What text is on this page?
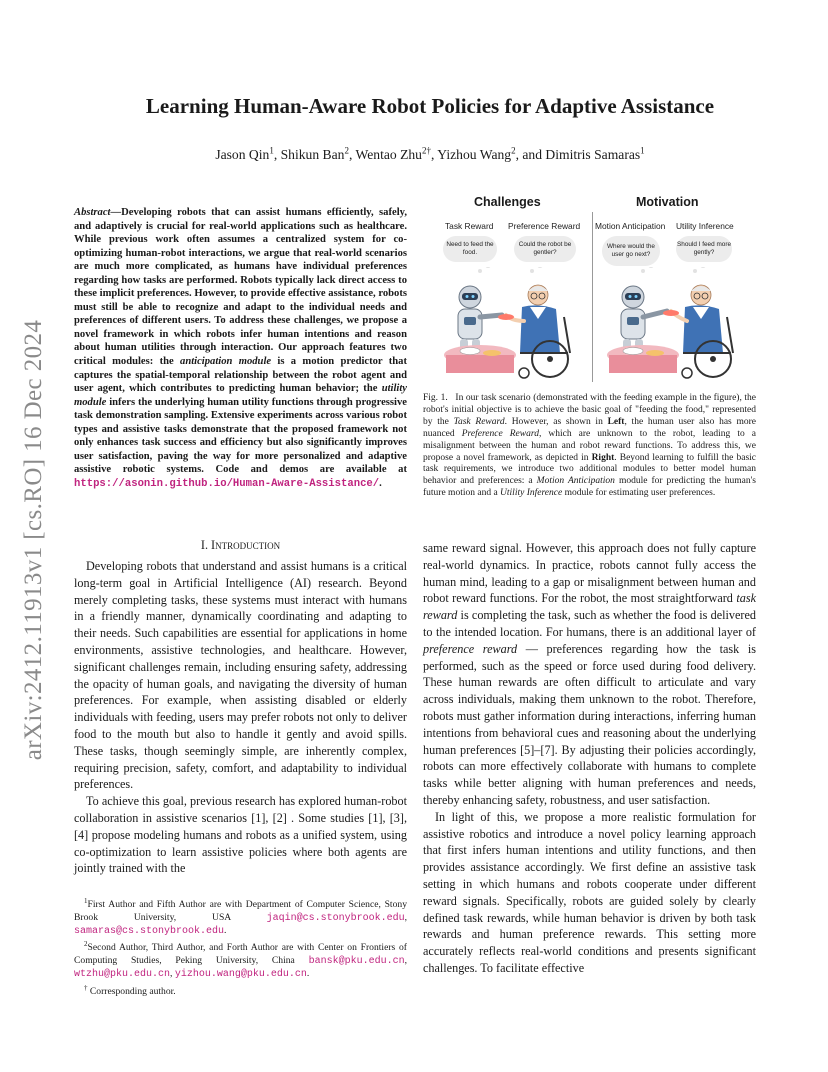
arXiv:2412.11913v1 [cs.RO] 16 Dec 2024
Learning Human-Aware Robot Policies for Adaptive Assistance
Jason Qin$^1$, Shikun Ban$^2$, Wentao Zhu$^{2\dagger}$, Yizhou Wang$^2$, and Dimitris Samaras$^1$
Abstract—Developing robots that can assist humans efficiently, safely, and adaptively is crucial for real-world applications such as healthcare. While previous work often assumes a centralized system for co-optimizing human-robot interactions, we argue that real-world scenarios are much more complicated, as humans have individual preferences regarding how tasks are performed. Robots typically lack direct access to these implicit preferences. However, to provide effective assistance, robots must still be able to recognize and adapt to the individual needs and preferences of different users. To address these challenges, we propose a novel framework in which robots infer human intentions and reason about human utilities through interaction. Our approach features two critical modules: the anticipation module is a motion predictor that captures the spatial-temporal relationship between the robot agent and user agent, which contributes to predicting human behavior; the utility module infers the underlying human utility functions through progressive task demonstration sampling. Extensive experiments across various robot types and assistive tasks demonstrate that the proposed framework not only enhances task success and efficiency but also significantly improves user satisfaction, paving the way for more personalized and adaptive assistive robotic systems. Code and demos are available at https://asonin.github.io/Human-Aware-Assistance/.
I. Introduction

Developing robots that understand and assist humans is a critical long-term goal in Artificial Intelligence (AI) research. Beyond merely completing tasks, these systems must interact with humans in a friendly manner, dynamically coordinating and adapting to their needs. Such capabilities are essential for applications in home environments, assistive technologies, and healthcare. However, significant challenges remain, including ensuring safety, addressing the opacity of human goals, and navigating the diversity of human preferences. For example, when assisting disabled or elderly individuals with feeding, users may prefer robots not only to deliver food to the mouth but also to handle it gently and avoid spills. These tasks, though seemingly simple, are inherently complex, requiring precision, safety, comfort, and adaptability to individual preferences.

To achieve this goal, previous research has explored human-robot collaboration in assistive scenarios [1], [2] . Some studies [1], [3], [4] propose modeling humans and robots as a unified system, using co-optimization to learn assistive policies where both agents are jointly trained with the

$^1$First Author and Fifth Author are with Department of Computer Science, Stony Brook University, USA jaqin@cs.stonybrook.edu, samaras@cs.stonybrook.edu.

$^2$Second Author, Third Author, and Forth Author are with Center on Frontiers of Computing Studies, Peking University, China bansk@pku.edu.cn, wtzhu@pku.edu.cn, yizhou.wang@pku.edu.cn.

† Corresponding author.

Challenges	Motivation
Task Reward Preference Reward Motion Anticipation Utility Inference
Need to feed the food.
Could the robot be gentler?
Where would the user go next?
Should I feed more gently?
Fig. 1. In our task scenario (demonstrated with the feeding example in the figure), the robot's initial objective is to achieve the basic goal of "feeding the food," represented by the Task Reward. However, as shown in Left, the human user also has more nuanced Preference Reward, which are unknown to the robot, leading to a misalignment between the human and robot reward functions. To address this, we propose a novel framework, as depicted in Right. Beyond learning to fulfill the basic task requirements, we introduce two additional modules to better model human behavior and preferences: a Motion Anticipation module for predicting the human's future motion and a Utility Inference module for estimating user preferences.

same reward signal. However, this approach does not fully capture real-world dynamics. In practice, robots cannot fully access the human mind, leading to a gap or misalignment between human and robot reward functions. For the robot, the most straightforward task reward is completing the task, such as whether the food is delivered to the intended location. For humans, there is an additional layer of preference reward — preferences regarding how the task is performed, such as the speed or force used during food delivery. These human rewards are often difficult to articulate and vary across individuals, making them unknown to the robot. Therefore, robots must gather information during interactions, inferring human intentions from behavioral cues and reasoning about the underlying human preferences [5]–[7]. By adjusting their policies accordingly, robots can more effectively collaborate with humans to complete tasks while better aligning with human preferences and needs, thereby enhancing safety, robustness, and user satisfaction.

In light of this, we propose a more realistic formulation for assistive robotics and introduce a novel policy learning approach that first infers human intentions and utility functions, and then provides assistance accordingly. We first define an assistive task setting in which humans and robots cooperate under different reward signals. Specifically, robots are guided solely by clearly defined task rewards, while human behavior is driven by both task rewards and human preference rewards. This setting more accurately reflects real-world conditions and presents significant challenges. To facilitate effective
